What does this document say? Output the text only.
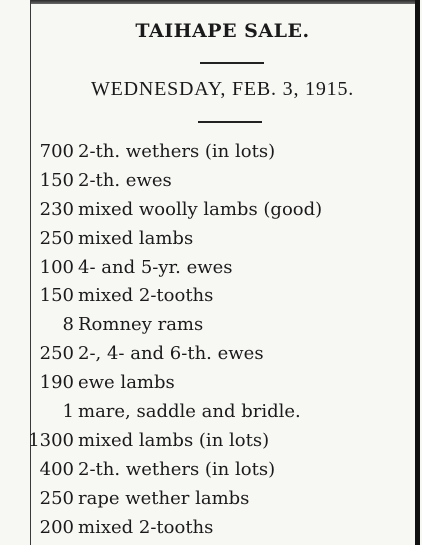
TAIHAPE SALE.
WEDNESDAY, FEB. 3, 1915.
700 2-th. wethers (in lots)
150 2-th. ewes
230 mixed woolly lambs (good)
250 mixed lambs
100 4- and 5-yr. ewes
150 mixed 2-tooths
8 Romney rams
250 2-, 4- and 6-th. ewes
190 ewe lambs
1 mare, saddle and bridle.
1300 mixed lambs (in lots)
400 2-th. wethers (in lots)
250 rape wether lambs
200 mixed 2-tooths
